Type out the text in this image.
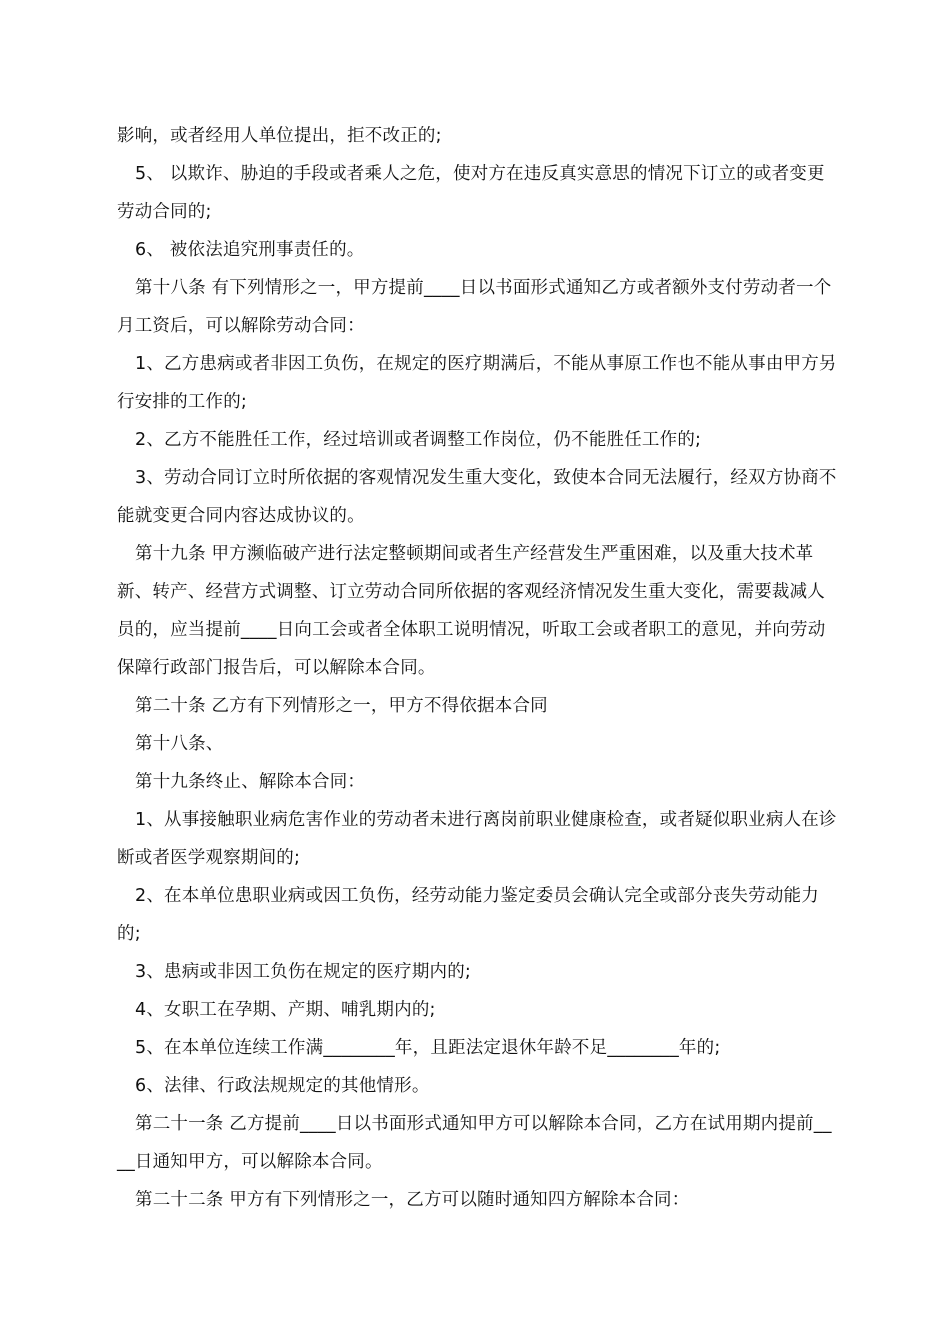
影响，或者经用人单位提出，拒不改正的;

5、 以欺诈、胁迫的手段或者乘人之危，使对方在违反真实意思的情况下订立的或者变更劳动合同的;

6、 被依法追究刑事责任的。

第十八条 有下列情形之一，甲方提前____日以书面形式通知乙方或者额外支付劳动者一个月工资后，可以解除劳动合同：

1、乙方患病或者非因工负伤，在规定的医疗期满后，不能从事原工作也不能从事由甲方另行安排的工作的;

2、乙方不能胜任工作，经过培训或者调整工作岗位，仍不能胜任工作的;

3、劳动合同订立时所依据的客观情况发生重大变化，致使本合同无法履行，经双方协商不能就变更合同内容达成协议的。

第十九条 甲方濒临破产进行法定整顿期间或者生产经营发生严重困难，以及重大技术革新、转产、经营方式调整、订立劳动合同所依据的客观经济情况发生重大变化，需要裁减人员的，应当提前____日向工会或者全体职工说明情况，听取工会或者职工的意见，并向劳动保障行政部门报告后，可以解除本合同。

第二十条 乙方有下列情形之一，甲方不得依据本合同

第十八条、

第十九条终止、解除本合同：

1、从事接触职业病危害作业的劳动者未进行离岗前职业健康检查，或者疑似职业病人在诊断或者医学观察期间的;

2、在本单位患职业病或因工负伤，经劳动能力鉴定委员会确认完全或部分丧失劳动能力的;

3、患病或非因工负伤在规定的医疗期内的;

4、女职工在孕期、产期、哺乳期内的;

5、在本单位连续工作满________年，且距法定退休年龄不足________年的;

6、法律、行政法规规定的其他情形。

第二十一条 乙方提前____日以书面形式通知甲方可以解除本合同，乙方在试用期内提前____日通知甲方，可以解除本合同。

第二十二条 甲方有下列情形之一，乙方可以随时通知四方解除本合同：
